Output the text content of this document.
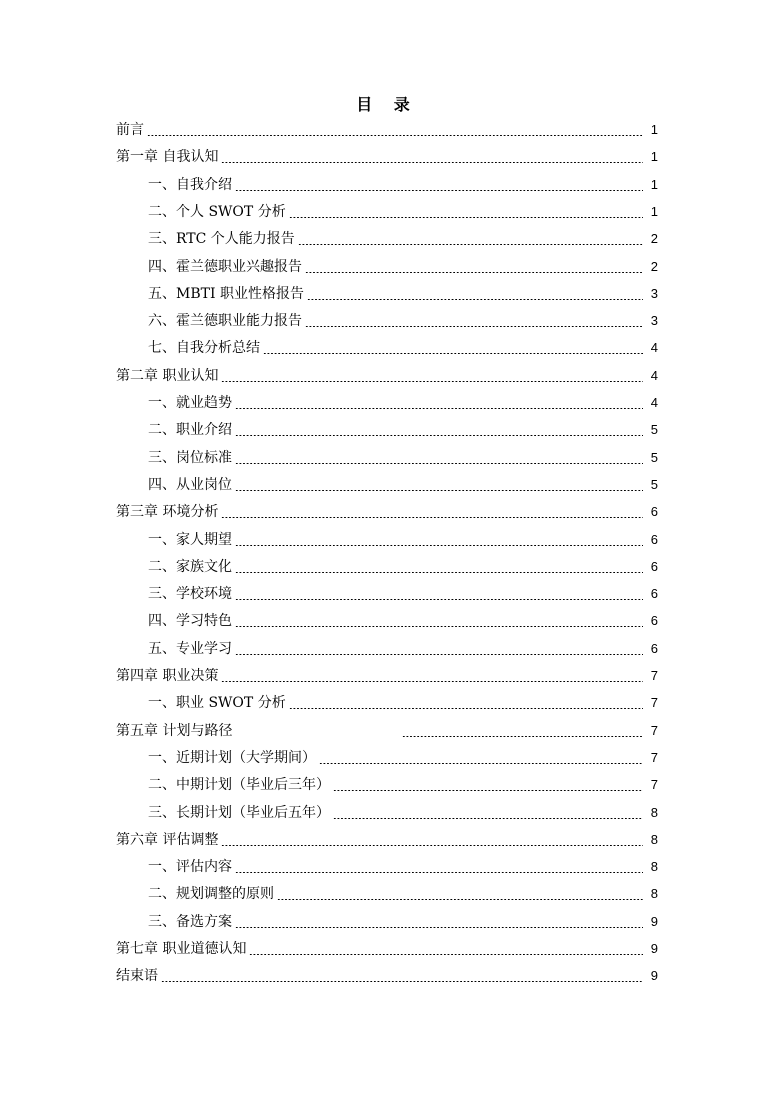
目 录
前言	1
第一章 自我认知	1
一、自我介绍	1
二、个人 SWOT 分析	1
三、RTC 个人能力报告	2
四、霍兰德职业兴趣报告	2
五、MBTI 职业性格报告	3
六、霍兰德职业能力报告	3
七、自我分析总结	4
第二章 职业认知	4
一、就业趋势	4
二、职业介绍	5
三、岗位标准	5
四、从业岗位	5
第三章 环境分析	6
一、家人期望	6
二、家族文化	6
三、学校环境	6
四、学习特色	6
五、专业学习	6
第四章 职业决策	7
一、职业 SWOT 分析	7
第五章 计划与路径	7
一、近期计划（大学期间）	7
二、中期计划（毕业后三年）	7
三、长期计划（毕业后五年）	8
第六章 评估调整	8
一、评估内容	8
二、规划调整的原则	8
三、备选方案	9
第七章 职业道德认知	9
结束语	9
